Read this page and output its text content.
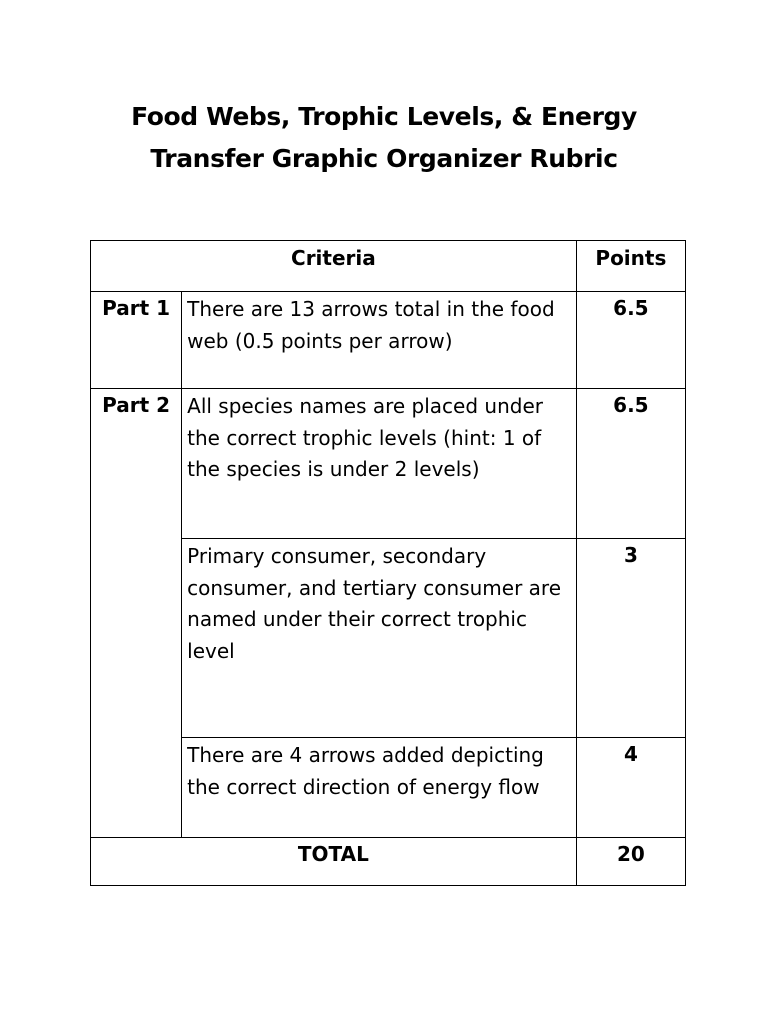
Food Webs, Trophic Levels, & Energy
Transfer Graphic Organizer Rubric
Criteria		Points
Part 1	There are 13 arrows total in the food web (0.5 points per arrow)	6.5
Part 2	All species names are placed under the correct trophic levels (hint: 1 of the species is under 2 levels)	6.5
	Primary consumer, secondary consumer, and tertiary consumer are named under their correct trophic level	3
	There are 4 arrows added depicting the correct direction of energy flow	4
TOTAL		20
